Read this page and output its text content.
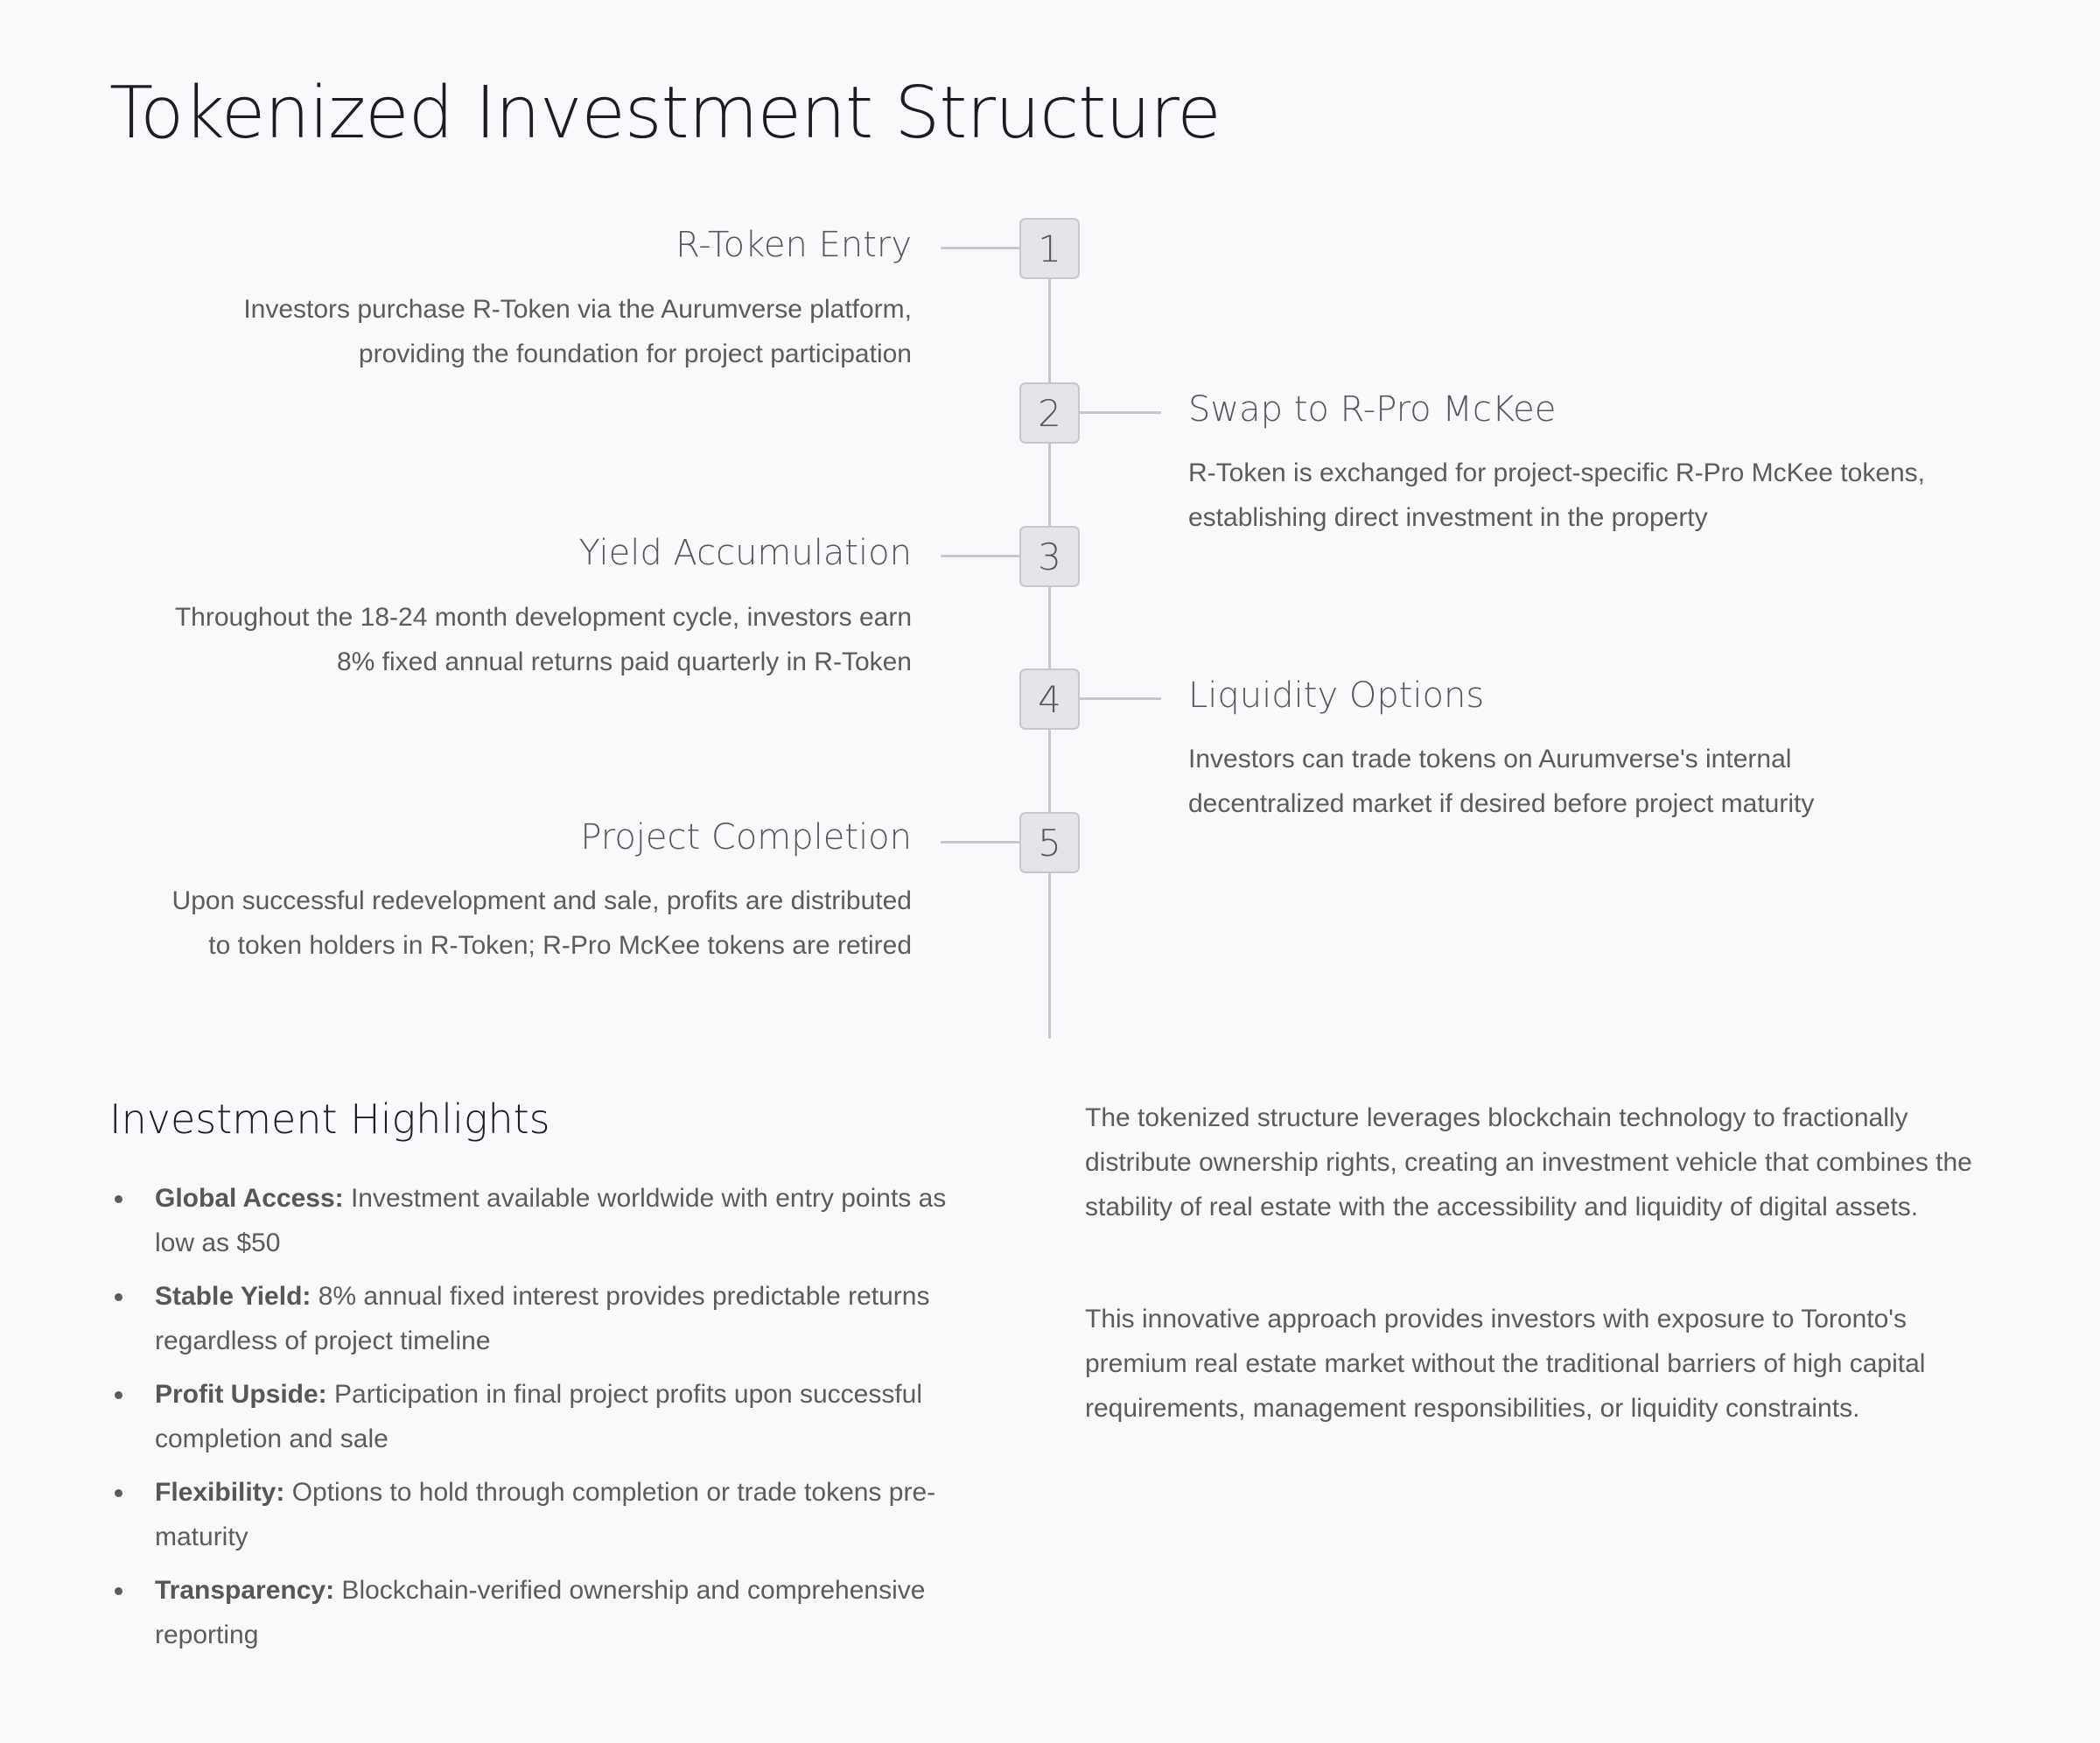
Tokenized Investment Structure
1
R-Token Entry
Investors purchase R-Token via the Aurumverse platform,
providing the foundation for project participation
2	Swap to R-Pro McKee
R-Token is exchanged for project-specific R-Pro McKee tokens,
establishing direct investment in the property
3
Yield Accumulation
Throughout the 18-24 month development cycle, investors earn
8% fixed annual returns paid quarterly in R-Token
4	Liquidity Options
Investors can trade tokens on Aurumverse's internal
decentralized market if desired before project maturity
5
Project Completion
Upon successful redevelopment and sale, profits are distributed
to token holders in R-Token; R-Pro McKee tokens are retired
Investment Highlights
Global Access: Investment available worldwide with entry points as low as $50
Stable Yield: 8% annual fixed interest provides predictable returns regardless of project timeline
Profit Upside: Participation in final project profits upon successful completion and sale
Flexibility: Options to hold through completion or trade tokens pre-maturity
Transparency: Blockchain-verified ownership and comprehensive reporting

The tokenized structure leverages blockchain technology to fractionally distribute ownership rights, creating an investment vehicle that combines the stability of real estate with the accessibility and liquidity of digital assets.

This innovative approach provides investors with exposure to Toronto's premium real estate market without the traditional barriers of high capital requirements, management responsibilities, or liquidity constraints.
